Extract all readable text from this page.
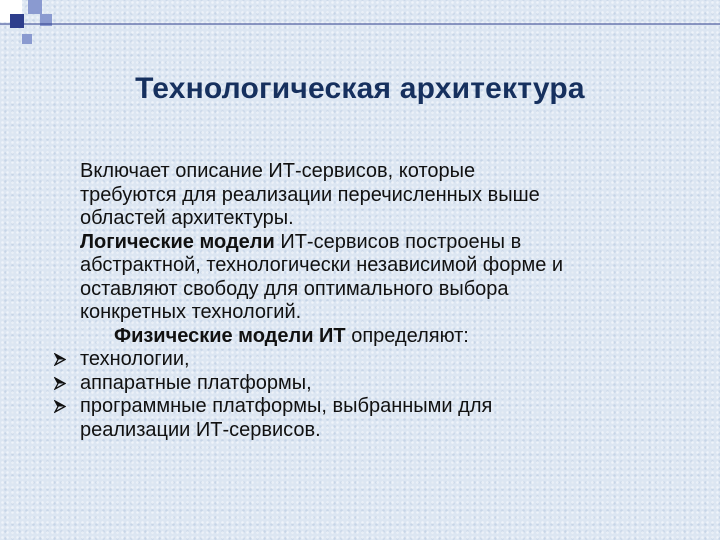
Технологическая архитектура
Включает описание ИТ-сервисов, которые
требуются для реализации перечисленных выше
областей архитектуры.
Логические модели ИТ-сервисов построены в
абстрактной, технологически независимой форме и
оставляют свободу для оптимального выбора
конкретных технологий.
Физические модели ИТ определяют:
технологии,
аппаратные платформы,
программные платформы, выбранными для
реализации ИТ-сервисов.
